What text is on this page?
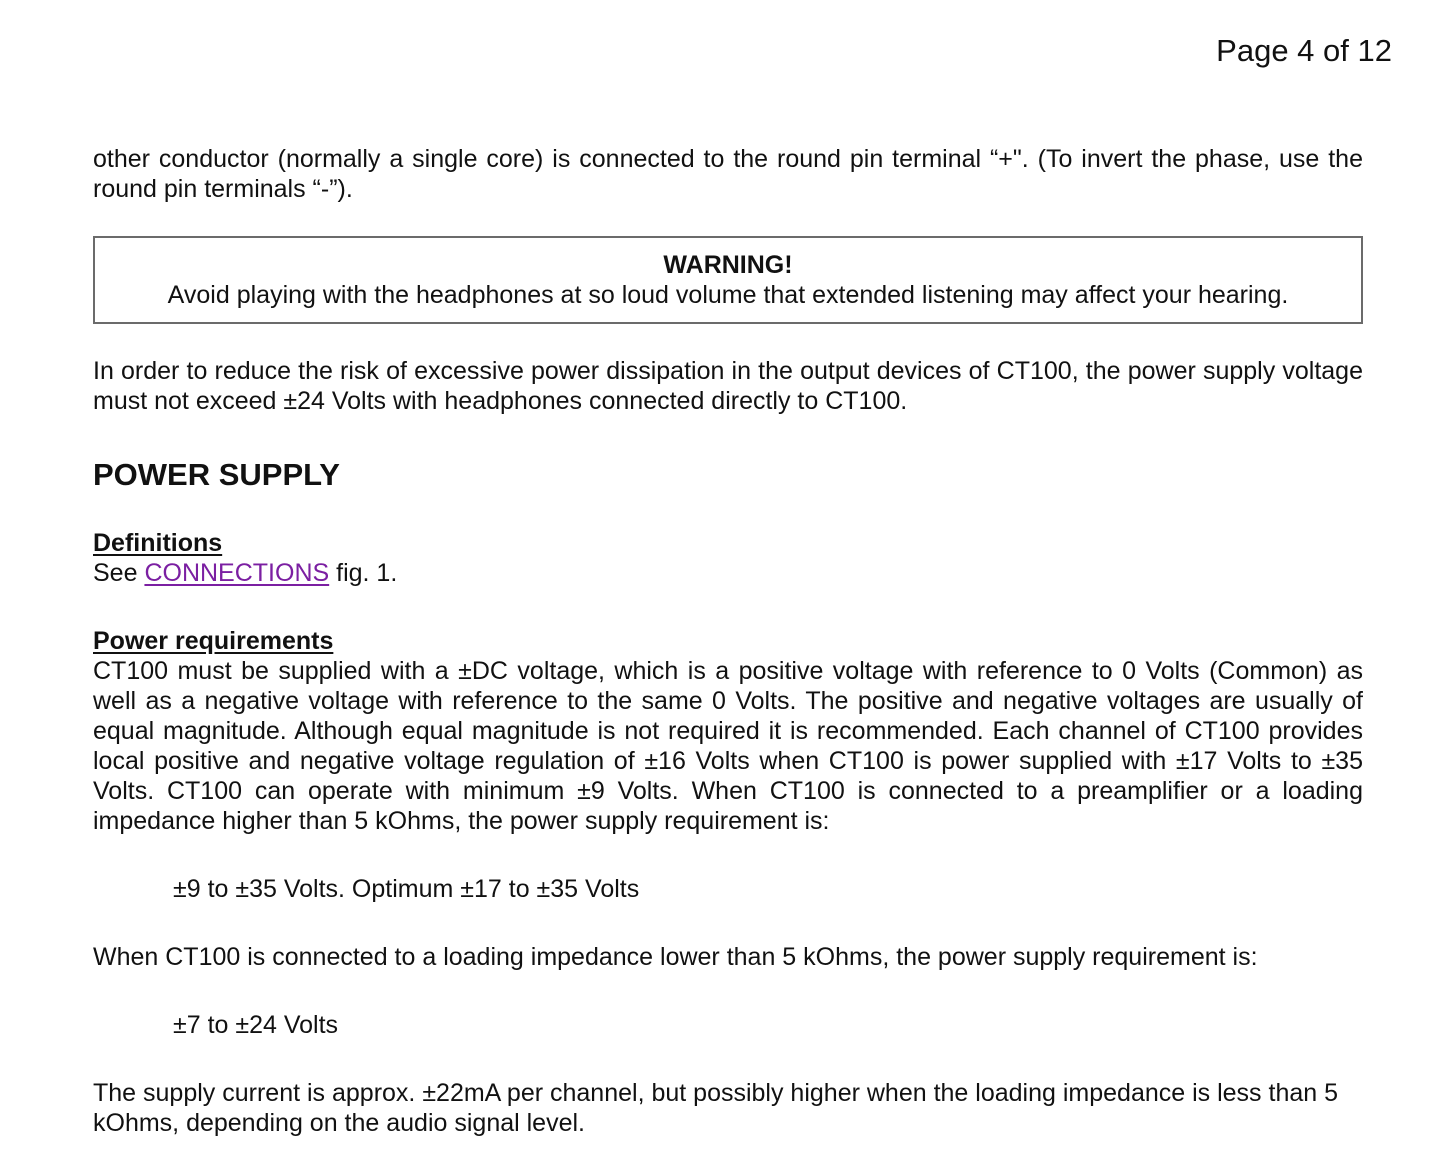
Page 4 of 12

other conductor (normally a single core) is connected to the round pin terminal “+". (To invert the phase, use the round pin terminals “-”).

WARNING!
Avoid playing with the headphones at so loud volume that extended listening may affect your hearing.

In order to reduce the risk of excessive power dissipation in the output devices of CT100, the power supply voltage must not exceed ±24 Volts with headphones connected directly to CT100.

POWER SUPPLY
Definitions
See CONNECTIONS fig. 1.
Power requirements

CT100 must be supplied with a ±DC voltage, which is a positive voltage with reference to 0 Volts (Common) as well as a negative voltage with reference to the same 0 Volts. The positive and negative voltages are usually of equal magnitude. Although equal magnitude is not required it is recommended. Each channel of CT100 provides local positive and negative voltage regulation of ±16 Volts when CT100 is power supplied with ±17 Volts to ±35 Volts. CT100 can operate with minimum ±9 Volts. When CT100 is connected to a preamplifier or a loading impedance higher than 5 kOhms, the power supply requirement is:

±9 to ±35 Volts. Optimum ±17 to ±35 Volts

When CT100 is connected to a loading impedance lower than 5 kOhms, the power supply requirement is:

±7 to ±24 Volts

The supply current is approx. ±22mA per channel, but possibly higher when the loading impedance is less than 5 kOhms, depending on the audio signal level.
